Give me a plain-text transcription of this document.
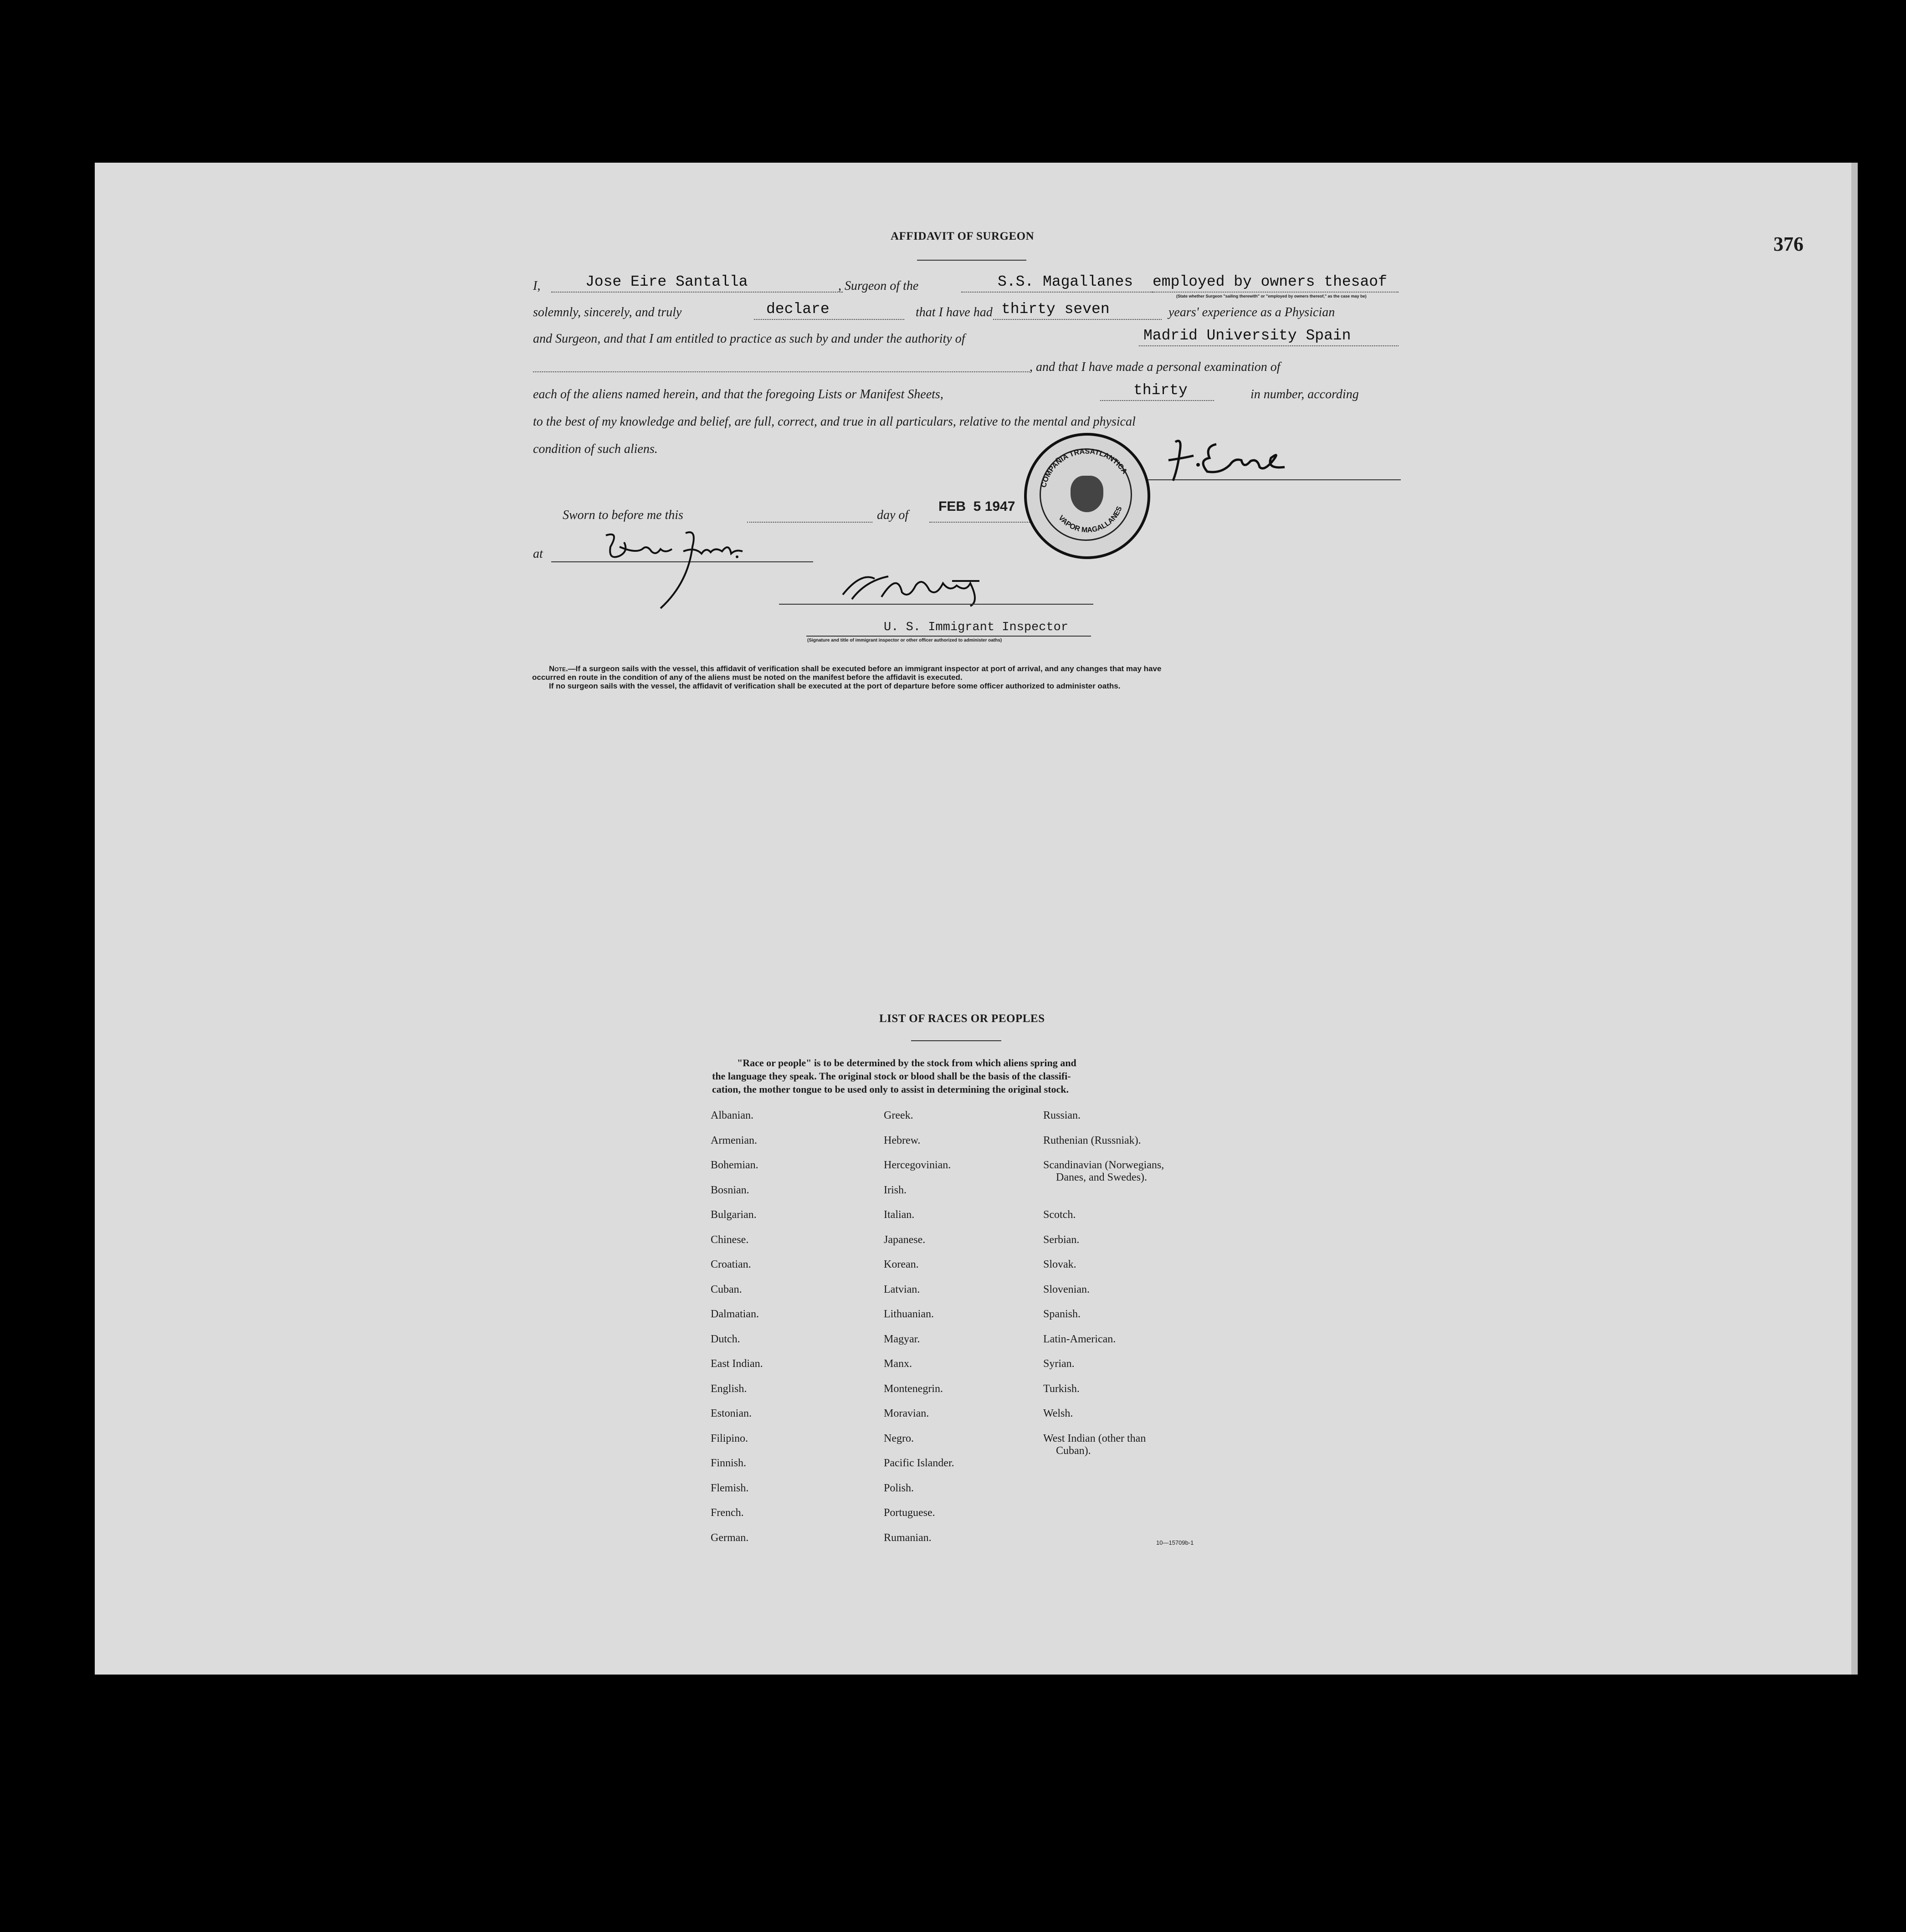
376
AFFIDAVIT OF SURGEON
I,	Jose Eire Santalla	, Surgeon of the	S.S. Magallanes employed by owners thesaof
(State whether Surgeon "sailing therewith" or "employed by owners thereof," as the case may be)
solemnly, sincerely, and truly	declare	that I have had thirty seven	years' experience as a Physician
and Surgeon, and that I am entitled to practice as such by and under the authority of	Madrid University Spain
, and that I have made a personal examination of
each of the aliens named herein, and that the foregoing Lists or Manifest Sheets,	thirty	in number, according
to the best of my knowledge and belief, are full, correct, and true in all particulars, relative to the mental and physical
condition of such aliens.
Sworn to before me this	day of
FEB  5 1947
at
U. S. Immigrant Inspector
(Signature and title of immigrant inspector or other officer authorized to administer oaths)
Note.—If a surgeon sails with the vessel, this affidavit of verification shall be executed before an immigrant inspector at port of arrival, and any changes that may have
occurred en route in the condition of any of the aliens must be noted on the manifest before the affidavit is executed.
If no surgeon sails with the vessel, the affidavit of verification shall be executed at the port of departure before some officer authorized to administer oaths.
COMPAÑIA TRASATLANTICA
VAPOR MAGALLANES
LIST OF RACES OR PEOPLES
"Race or people" is to be determined by the stock from which aliens spring and
the language they speak. The original stock or blood shall be the basis of the classifi-
cation, the mother tongue to be used only to assist in determining the original stock.
Albanian.
Armenian.
Bohemian.
Bosnian.
Bulgarian.
Chinese.
Croatian.
Cuban.
Dalmatian.
Dutch.
East Indian.
English.
Estonian.
Filipino.
Finnish.
Flemish.
French.
German.
Greek.
Hebrew.
Hercegovinian.
Irish.
Italian.
Japanese.
Korean.
Latvian.
Lithuanian.
Magyar.
Manx.
Montenegrin.
Moravian.
Negro.
Pacific Islander.
Polish.
Portuguese.
Rumanian.
Russian.
Ruthenian (Russniak).
Scandinavian (Norwegians,
Danes, and Swedes).
Scotch.
Serbian.
Slovak.
Slovenian.
Spanish.
Latin-American.
Syrian.
Turkish.
Welsh.
West Indian (other than
Cuban).
10—15709b-1
